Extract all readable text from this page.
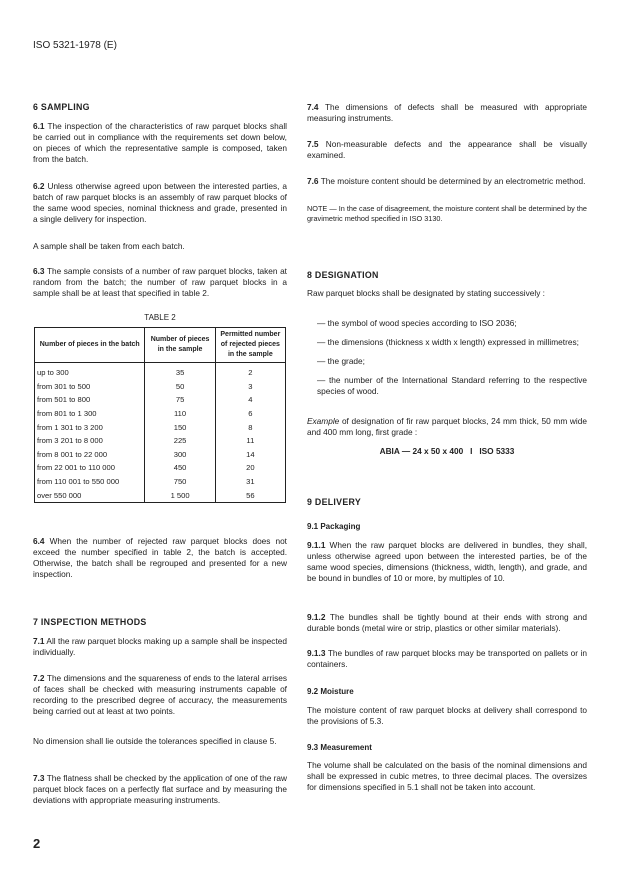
ISO 5321-1978 (E)
6 SAMPLING
6.1 The inspection of the characteristics of raw parquet blocks shall be carried out in compliance with the requirements set down below, on pieces of which the representative sample is composed, taken from the batch.
6.2 Unless otherwise agreed upon between the interested parties, a batch of raw parquet blocks is an assembly of raw parquet blocks of the same wood species, nominal thickness and grade, presented in a single delivery for inspection.
A sample shall be taken from each batch.
6.3 The sample consists of a number of raw parquet blocks, taken at random from the batch; the number of raw parquet blocks in a sample shall be at least that specified in table 2.
TABLE 2
Number of pieces in the batch	Number of pieces in the sample	Permitted number of rejected pieces in the sample
up to 300	35	2
from 301 to 500	50	3
from 501 to 800	75	4
from 801 to 1 300	110	6
from 1 301 to 3 200	150	8
from 3 201 to 8 000	225	11
from 8 001 to 22 000	300	14
from 22 001 to 110 000	450	20
from 110 001 to 550 000	750	31
over 550 000	1 500	56
6.4 When the number of rejected raw parquet blocks does not exceed the number specified in table 2, the batch is accepted. Otherwise, the batch shall be regrouped and presented for a new inspection.
7 INSPECTION METHODS
7.1 All the raw parquet blocks making up a sample shall be inspected individually.
7.2 The dimensions and the squareness of ends to the lateral arrises of faces shall be checked with measuring instruments capable of recording to the prescribed degree of accuracy, the measurements being carried out at least at two points.
No dimension shall lie outside the tolerances specified in clause 5.
7.3 The flatness shall be checked by the application of one of the raw parquet block faces on a perfectly flat surface and by measuring the deviations with appropriate measuring instruments.
2
7.4 The dimensions of defects shall be measured with appropriate measuring instruments.
7.5 Non-measurable defects and the appearance shall be visually examined.
7.6 The moisture content should be determined by an electrometric method.
NOTE — In the case of disagreement, the moisture content shall be determined by the gravimetric method specified in ISO 3130.
8 DESIGNATION
Raw parquet blocks shall be designated by stating successively :

— the symbol of wood species according to ISO 2036;

— the dimensions (thickness x width x length) expressed in millimetres;

— the grade;

— the number of the International Standard referring to the respective species of wood.

Example of designation of fir raw parquet blocks, 24 mm thick, 50 mm wide and 400 mm long, first grade :
ABIA — 24 x 50 x 400   I   ISO 5333
9 DELIVERY
9.1 Packaging
9.1.1 When the raw parquet blocks are delivered in bundles, they shall, unless otherwise agreed upon between the interested parties, be of the same wood species, dimensions (thickness, width, length), and grade, and be bound in bundles of 10 or more, by multiples of 10.
9.1.2 The bundles shall be tightly bound at their ends with strong and durable bonds (metal wire or strip, plastics or other similar materials).
9.1.3 The bundles of raw parquet blocks may be transported on pallets or in containers.
9.2 Moisture
The moisture content of raw parquet blocks at delivery shall correspond to the provisions of 5.3.
9.3 Measurement
The volume shall be calculated on the basis of the nominal dimensions and shall be expressed in cubic metres, to three decimal places. The oversizes for dimensions specified in 5.1 shall not be taken into account.
